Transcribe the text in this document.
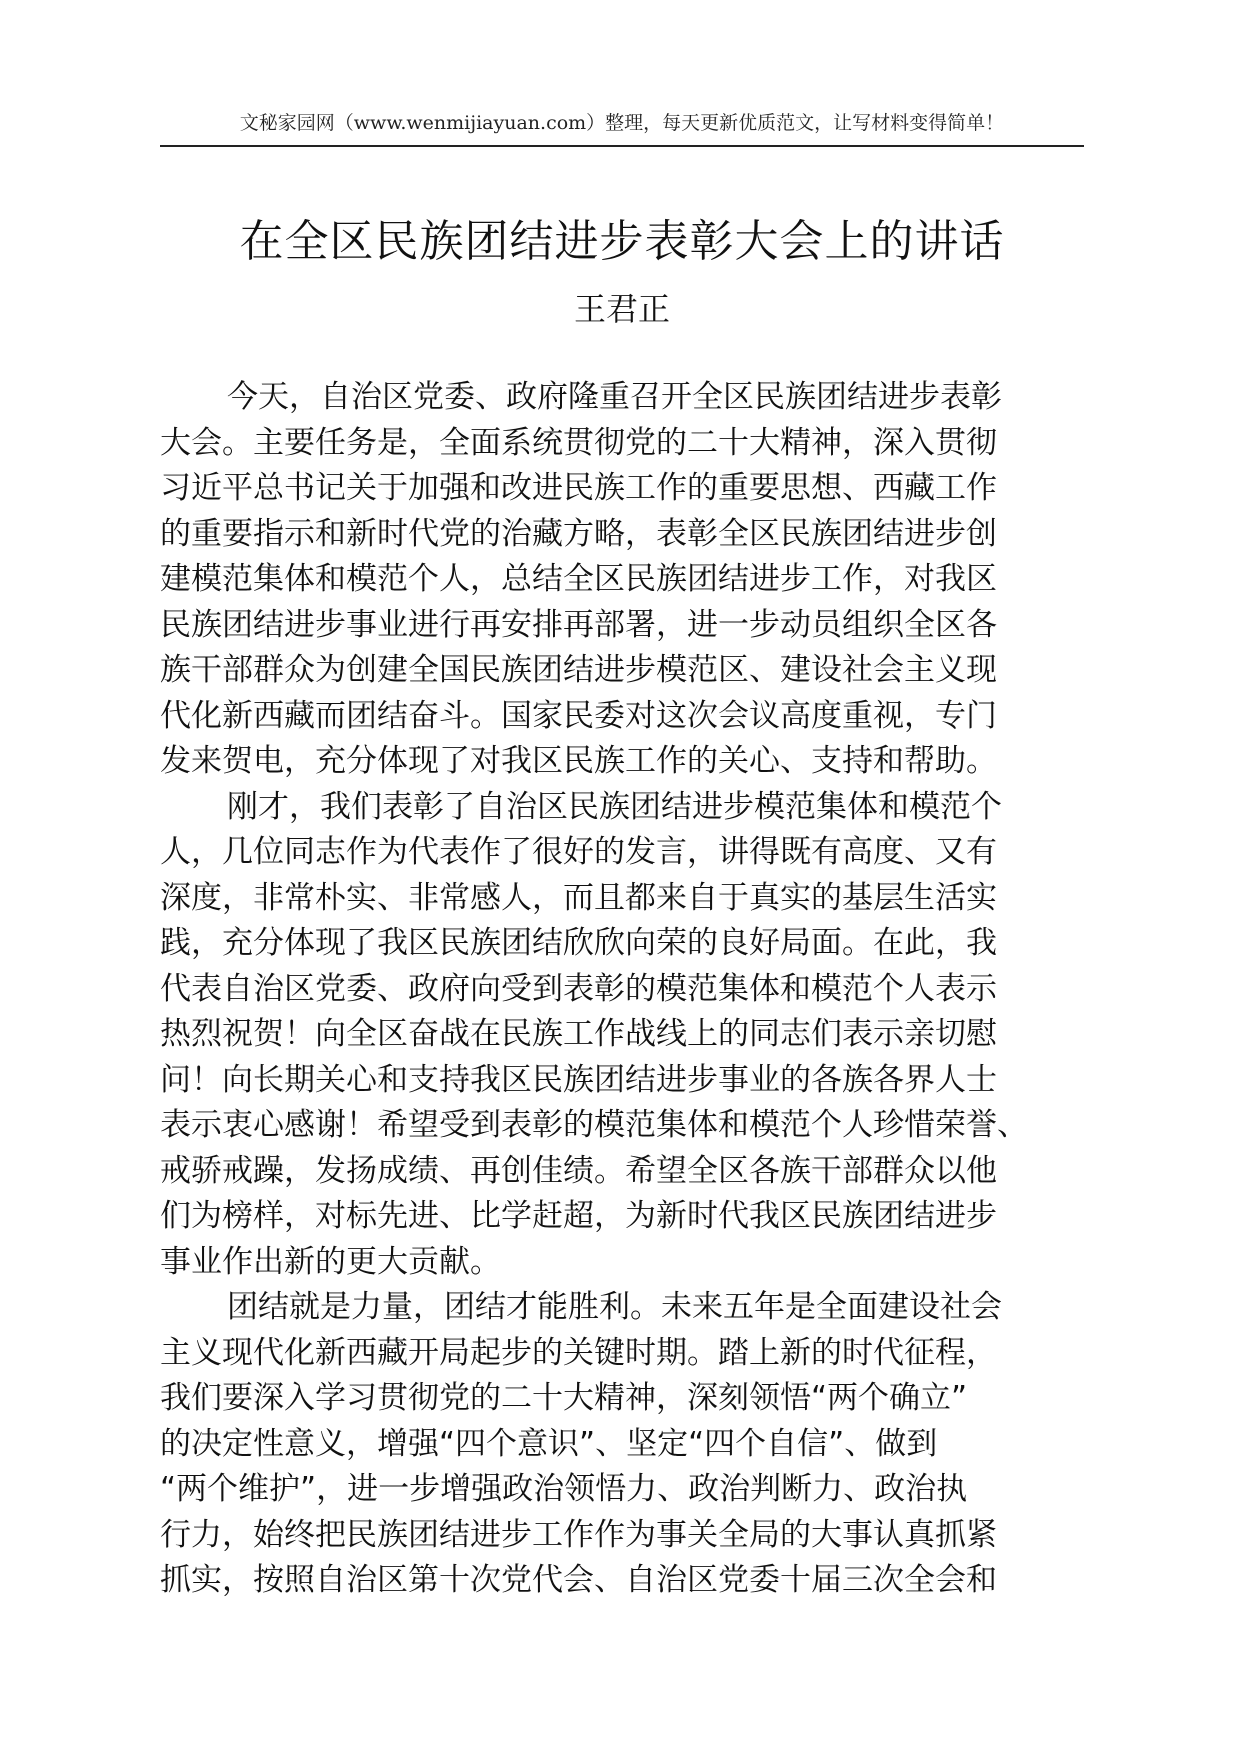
文秘家园网（www.wenmijiayuan.com）整理，每天更新优质范文，让写材料变得简单！
在全区民族团结进步表彰大会上的讲话
王君正
今天，自治区党委、政府隆重召开全区民族团结进步表彰
大会。主要任务是，全面系统贯彻党的二十大精神，深入贯彻
习近平总书记关于加强和改进民族工作的重要思想、西藏工作
的重要指示和新时代党的治藏方略，表彰全区民族团结进步创
建模范集体和模范个人，总结全区民族团结进步工作，对我区
民族团结进步事业进行再安排再部署，进一步动员组织全区各
族干部群众为创建全国民族团结进步模范区、建设社会主义现
代化新西藏而团结奋斗。国家民委对这次会议高度重视，专门
发来贺电，充分体现了对我区民族工作的关心、支持和帮助。
刚才，我们表彰了自治区民族团结进步模范集体和模范个
人，几位同志作为代表作了很好的发言，讲得既有高度、又有
深度，非常朴实、非常感人，而且都来自于真实的基层生活实
践，充分体现了我区民族团结欣欣向荣的良好局面。在此，我
代表自治区党委、政府向受到表彰的模范集体和模范个人表示
热烈祝贺！向全区奋战在民族工作战线上的同志们表示亲切慰
问！向长期关心和支持我区民族团结进步事业的各族各界人士
表示衷心感谢！希望受到表彰的模范集体和模范个人珍惜荣誉、
戒骄戒躁，发扬成绩、再创佳绩。希望全区各族干部群众以他
们为榜样，对标先进、比学赶超，为新时代我区民族团结进步
事业作出新的更大贡献。
团结就是力量，团结才能胜利。未来五年是全面建设社会
主义现代化新西藏开局起步的关键时期。踏上新的时代征程，
我们要深入学习贯彻党的二十大精神，深刻领悟“两个确立”
的决定性意义，增强“四个意识”、坚定“四个自信”、做到
“两个维护”，进一步增强政治领悟力、政治判断力、政治执
行力，始终把民族团结进步工作作为事关全局的大事认真抓紧
抓实，按照自治区第十次党代会、自治区党委十届三次全会和
